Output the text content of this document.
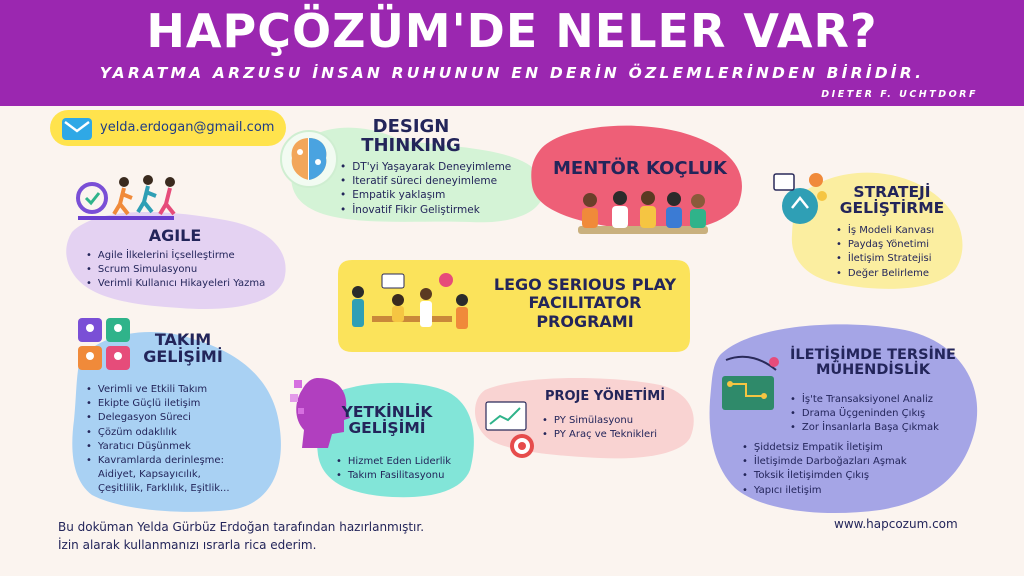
HAPÇÖZÜM'DE NELER VAR?
YARATMA ARZUSU İNSAN RUHUNUN EN DERİN ÖZLEMLERİNDEN BİRİDİR.
DIETER F. UCHTDORF
yelda.erdogan@gmail.com	DESIGN
THINKING
• DT'yi Yaşayarak Deneyimleme
• Iteratif süreci deneyimleme
• Empatik yaklaşım
• İnovatif Fikir Geliştirmek
MENTÖR KOÇLUK
STRATEJİ
GELİŞTİRME
• İş Modeli Kanvası
• Paydaş Yönetimi
• İletişim Stratejisi
• Değer Belirleme
AGILE
• Agile İlkelerini İçselleştirme
• Scrum Simulasyonu
• Verimli Kullanıcı Hikayeleri Yazma	LEGO SERIOUS PLAY
FACILITATOR
PROGRAMI
TAKIM
GELİŞİMİ
• Verimli ve Etkili Takım
• Ekipte Güçlü iletişim
• Delegasyon Süreci
• Çözüm odaklılık
• Yaratıcı Düşünmek
• Kavramlarda derinleşme:
Aidiyet, Kapsayıcılık,
Çeşitlilik, Farklılık, Eşitlik...
YETKİNLİK
GELİŞİMİ
• Hizmet Eden Liderlik
• Takım Fasilitasyonu
PROJE YÖNETİMİ
• PY Simülasyonu
• PY Araç ve Teknikleri
İLETİŞİMDE TERSİNE
MÜHENDİSLİK
• İş'te Transaksiyonel Analiz
• Drama Üçgeninden Çıkış
• Zor İnsanlarla Başa Çıkmak
• Şiddetsiz Empatik İletişim
• İletişimde Darboğazları Aşmak
• Toksik İletişimden Çıkış
• Yapıcı iletişim
Bu doküman Yelda Gürbüz Erdoğan tarafından hazırlanmıştır.
İzin alarak kullanmanızı ısrarla rica ederim.
www.hapcozum.com
